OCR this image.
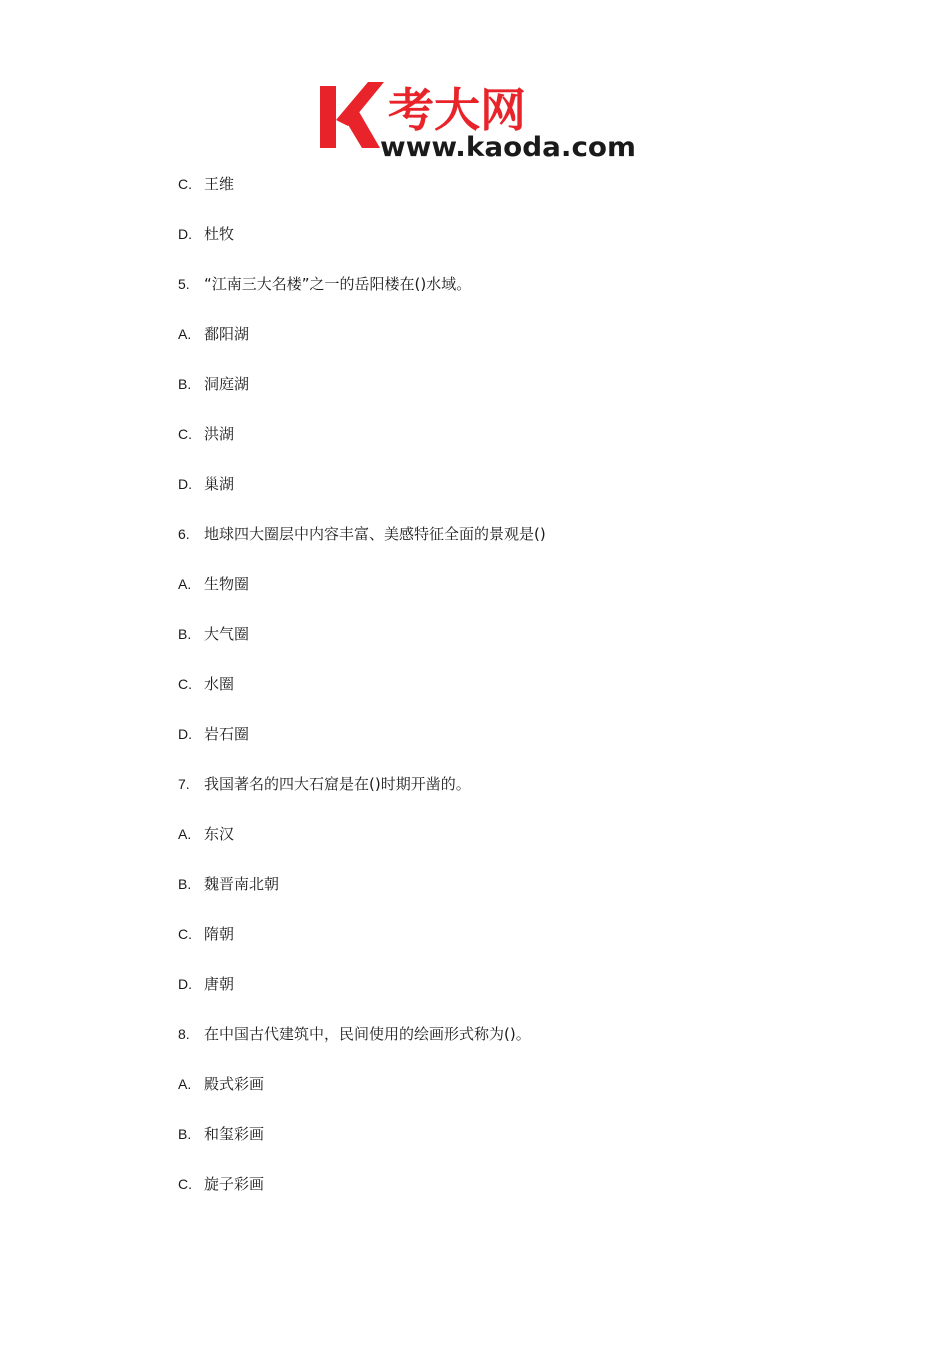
考大网
www.kaoda.com
C. 王维
D. 杜牧
5. “江南三大名楼”之一的岳阳楼在()水域。
A. 鄱阳湖
B. 洞庭湖
C. 洪湖
D. 巢湖
6. 地球四大圈层中内容丰富、美感特征全面的景观是()
A. 生物圈
B. 大气圈
C. 水圈
D. 岩石圈
7. 我国著名的四大石窟是在()时期开凿的。
A. 东汉
B. 魏晋南北朝
C. 隋朝
D. 唐朝
8. 在中国古代建筑中，民间使用的绘画形式称为()。
A. 殿式彩画
B. 和玺彩画
C. 旋子彩画
